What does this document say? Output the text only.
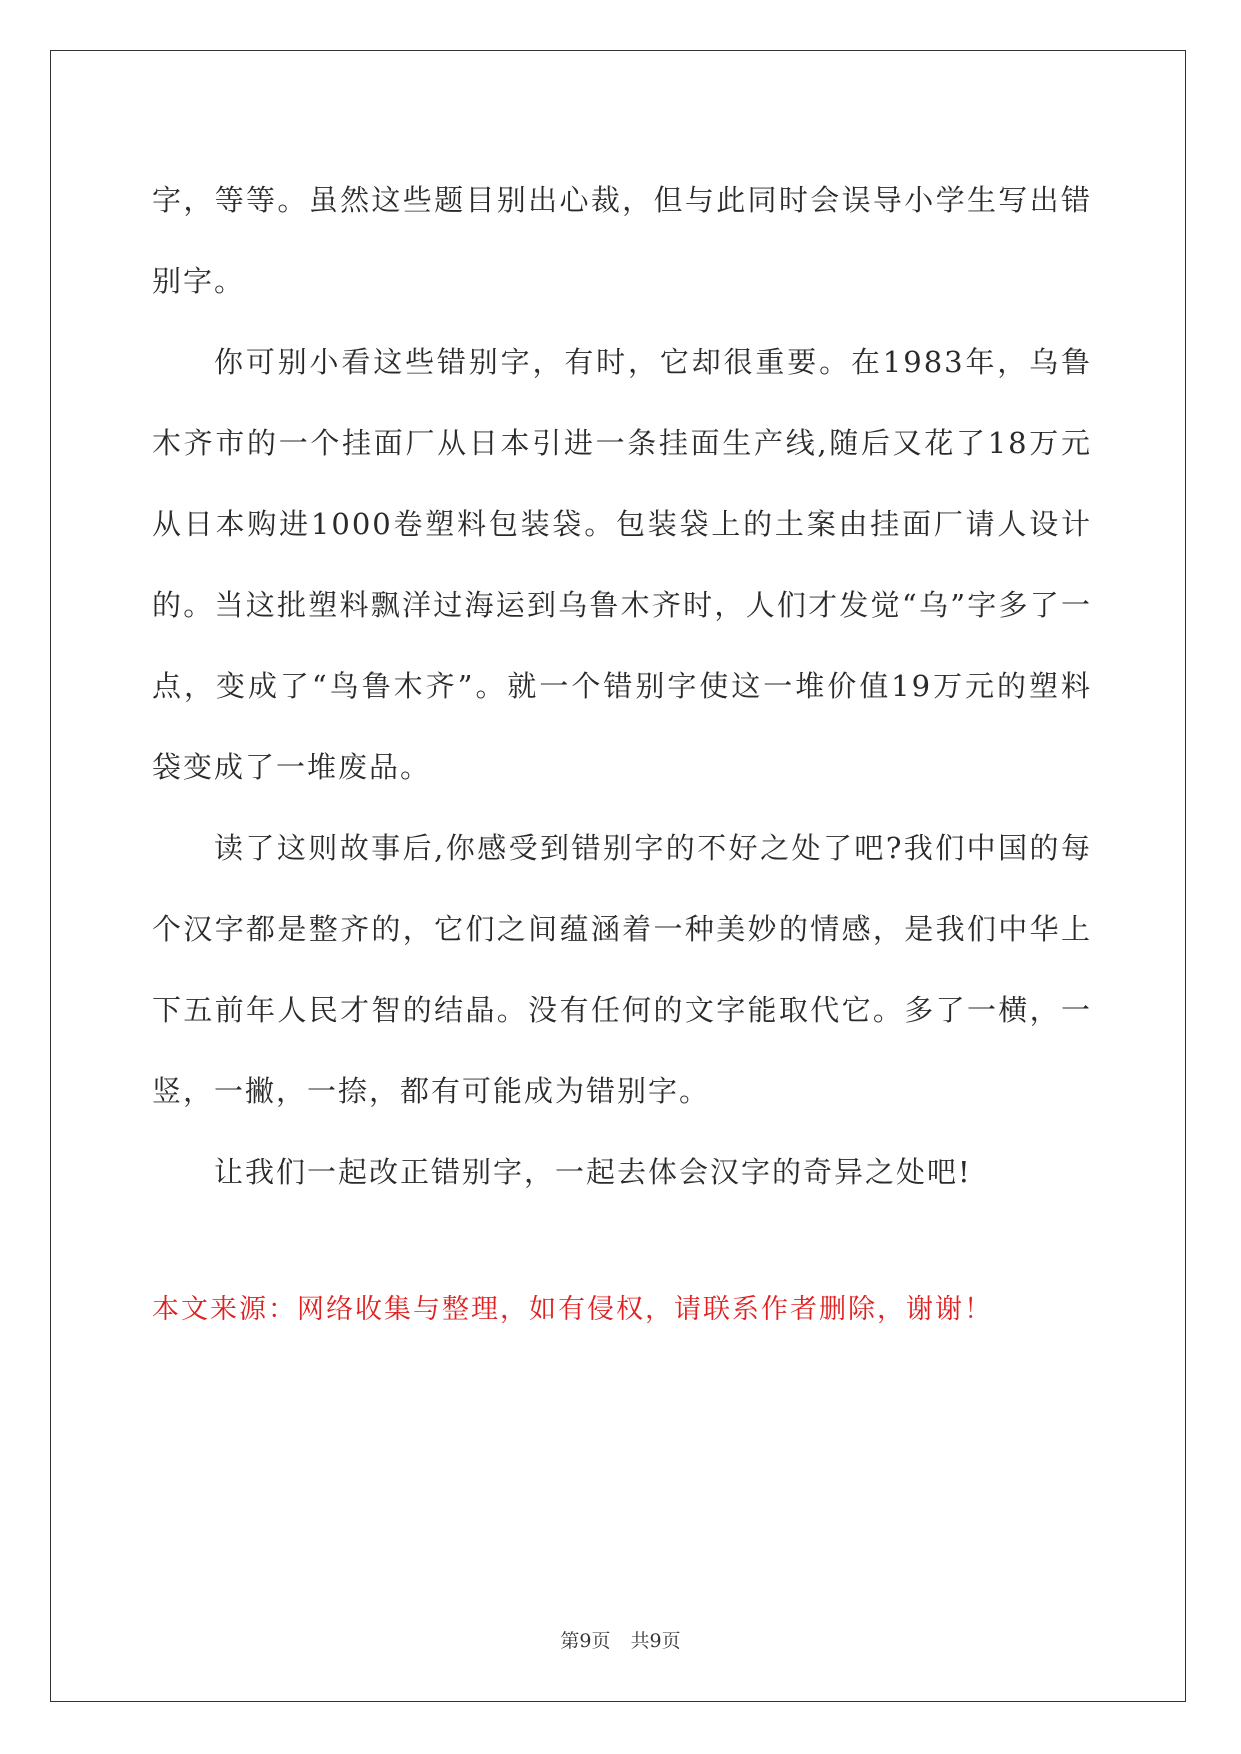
字，等等。虽然这些题目别出心裁，但与此同时会误导小学生写出错别字。

你可别小看这些错别字，有时，它却很重要。在1983年，乌鲁木齐市的一个挂面厂从日本引进一条挂面生产线,随后又花了18万元从日本购进1000卷塑料包装袋。包装袋上的土案由挂面厂请人设计的。当这批塑料飘洋过海运到乌鲁木齐时，人们才发觉“乌”字多了一点，变成了“鸟鲁木齐”。就一个错别字使这一堆价值19万元的塑料袋变成了一堆废品。

读了这则故事后,你感受到错别字的不好之处了吧?我们中国的每个汉字都是整齐的，它们之间蕴涵着一种美妙的情感，是我们中华上下五前年人民才智的结晶。没有任何的文字能取代它。多了一横，一竖，一撇，一捺，都有可能成为错别字。

让我们一起改正错别字，一起去体会汉字的奇异之处吧!

本文来源：网络收集与整理，如有侵权，请联系作者删除，谢谢！

第9页 共9页
